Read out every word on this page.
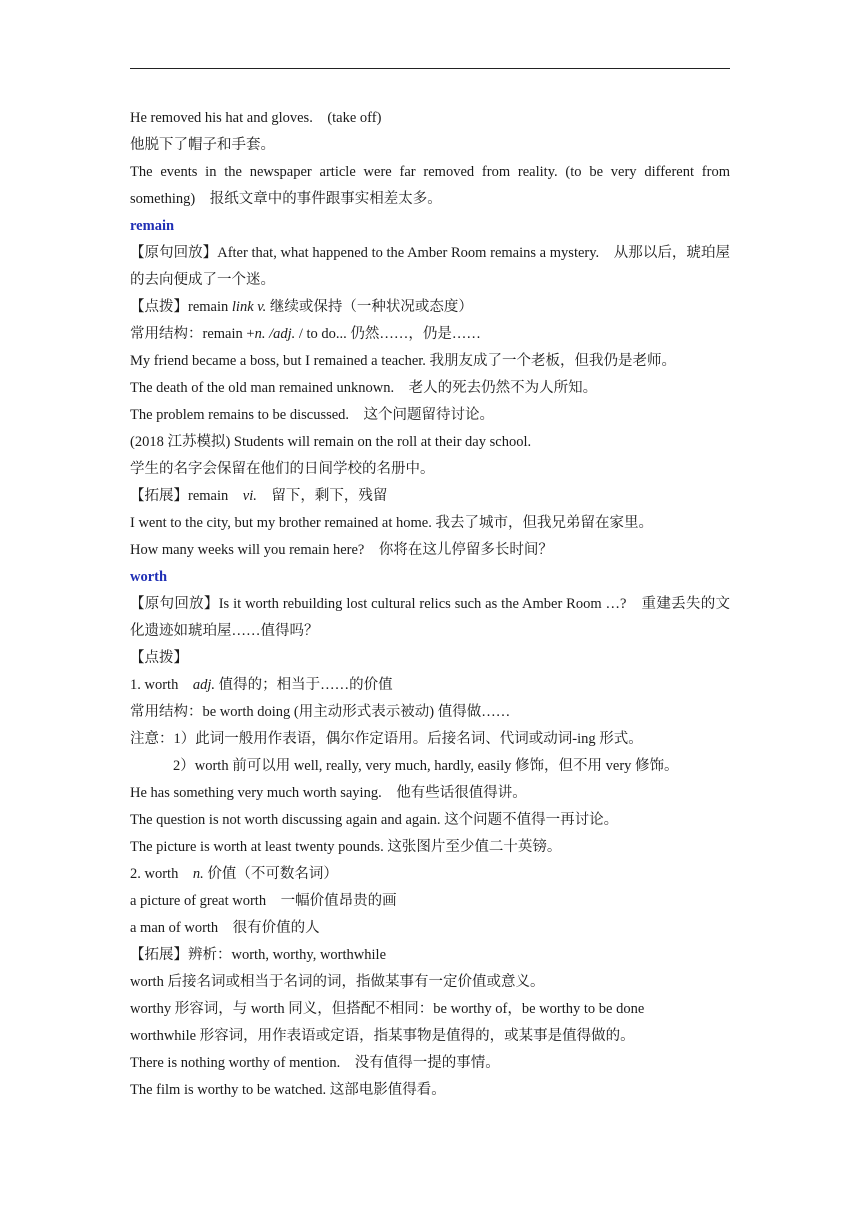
He removed his hat and gloves.　(take off)
他脱下了帽子和手套。
The events in the newspaper article were far removed from reality. (to be very different from something)　报纸文章中的事件跟事实相差太多。
remain
【原句回放】After that, what happened to the Amber Room remains a mystery.　从那以后，琥珀屋的去向便成了一个迷。
【点拨】remain link v. 继续或保持（一种状况或态度）
常用结构：remain +n. /adj. / to do... 仍然……，仍是……
My friend became a boss, but I remained a teacher. 我朋友成了一个老板，但我仍是老师。
The death of the old man remained unknown.　老人的死去仍然不为人所知。
The problem remains to be discussed.　这个问题留待讨论。
(2018 江苏模拟) Students will remain on the roll at their day school.
学生的名字会保留在他们的日间学校的名册中。
【拓展】remain　vi.　留下，剩下，残留
I went to the city, but my brother remained at home. 我去了城市，但我兄弟留在家里。
How many weeks will you remain here?　你将在这儿停留多长时间？
worth
【原句回放】Is it worth rebuilding lost cultural relics such as the Amber Room …?　重建丢失的文化遗迹如琥珀屋……值得吗？
【点拨】
1. worth　adj. 值得的；相当于……的价值
常用结构：be worth doing (用主动形式表示被动) 值得做……
注意：1）此词一般用作表语，偶尔作定语用。后接名词、代词或动词-ing 形式。
2）worth 前可以用 well, really, very much, hardly, easily 修饰，但不用 very 修饰。
He has something very much worth saying.　他有些话很值得讲。
The question is not worth discussing again and again. 这个问题不值得一再讨论。
The picture is worth at least twenty pounds. 这张图片至少值二十英镑。
2. worth　n. 价值（不可数名词）
a picture of great worth　一幅价值昂贵的画
a man of worth　很有价值的人
【拓展】辨析：worth, worthy, worthwhile
worth 后接名词或相当于名词的词，指做某事有一定价值或意义。
worthy 形容词，与 worth 同义，但搭配不相同：be worthy of，be worthy to be done
worthwhile 形容词，用作表语或定语，指某事物是值得的，或某事是值得做的。
There is nothing worthy of mention.　没有值得一提的事情。
The film is worthy to be watched. 这部电影值得看。
